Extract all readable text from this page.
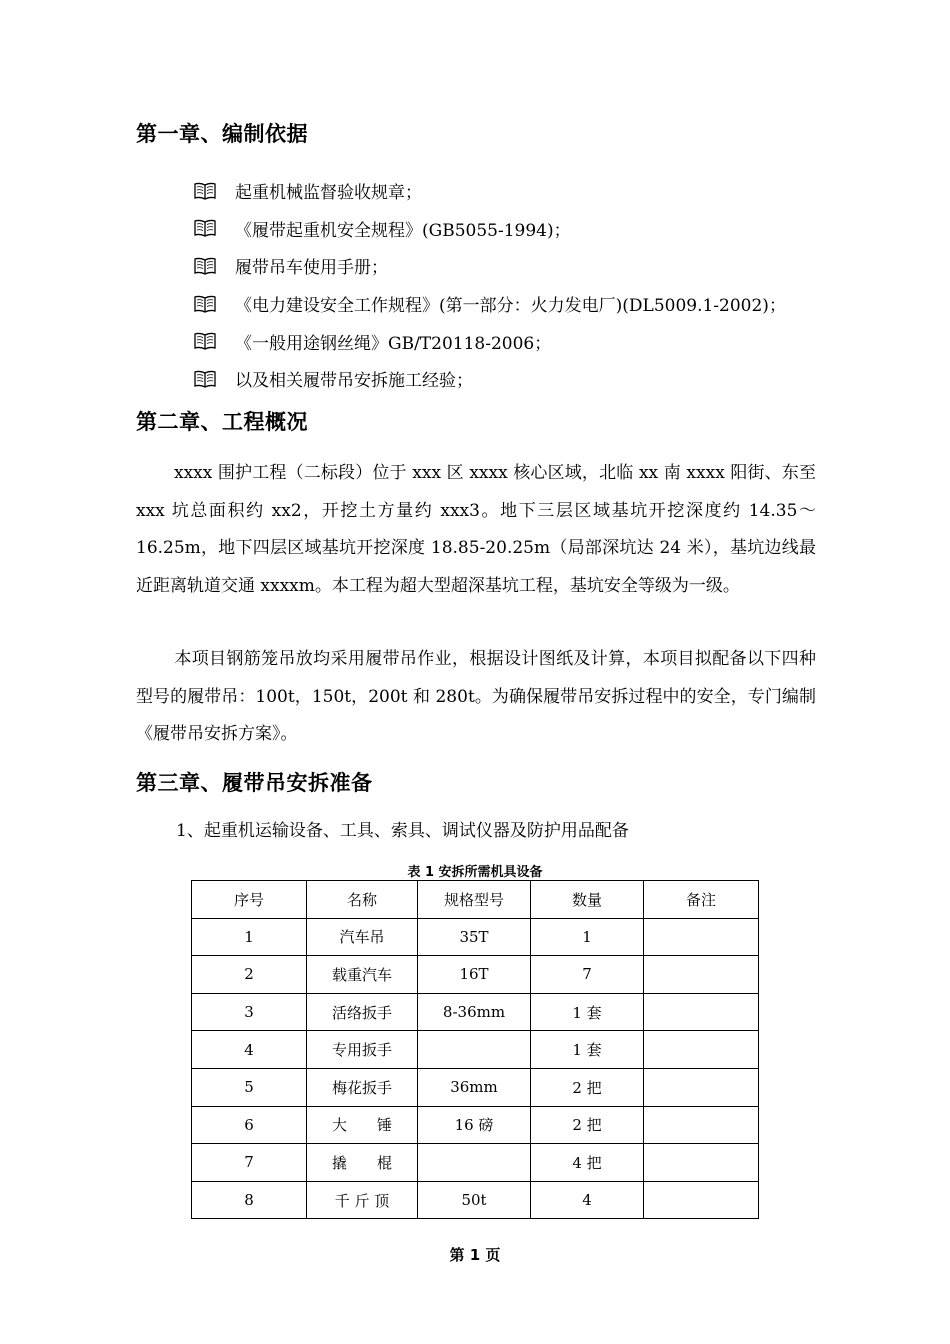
第一章、编制依据
起重机械监督验收规章；
《履带起重机安全规程》(GB5055-1994)；
履带吊车使用手册；
《电力建设安全工作规程》(第一部分：火力发电厂)(DL5009.1-2002)；
《一般用途钢丝绳》GB/T20118-2006；
以及相关履带吊安拆施工经验；
第二章、工程概况

xxxx 围护工程（二标段）位于 xxx 区 xxxx 核心区域，北临 xx 南 xxxx 阳街、东至 xxx 坑总面积约 xx2，开挖土方量约 xxx3。地下三层区域基坑开挖深度约 14.35～16.25m，地下四层区域基坑开挖深度 18.85-20.25m（局部深坑达 24 米），基坑边线最近距离轨道交通 xxxxm。本工程为超大型超深基坑工程，基坑安全等级为一级。

本项目钢筋笼吊放均采用履带吊作业，根据设计图纸及计算，本项目拟配备以下四种型号的履带吊：100t，150t，200t 和 280t。为确保履带吊安拆过程中的安全，专门编制《履带吊安拆方案》。

第三章、履带吊安拆准备
1、起重机运输设备、工具、索具、调试仪器及防护用品配备
表 1 安拆所需机具设备
序号	名称	规格型号	数量	备注
1	汽车吊	35T	1	
2	载重汽车	16T	7	
3	活络扳手	8-36mm	1 套	
4	专用扳手		1 套	
5	梅花扳手	36mm	2 把	
6	大　　锤	16 磅	2 把	
7	撬　　棍		4 把	
8	千 斤 顶	50t	4	
第 1 页
